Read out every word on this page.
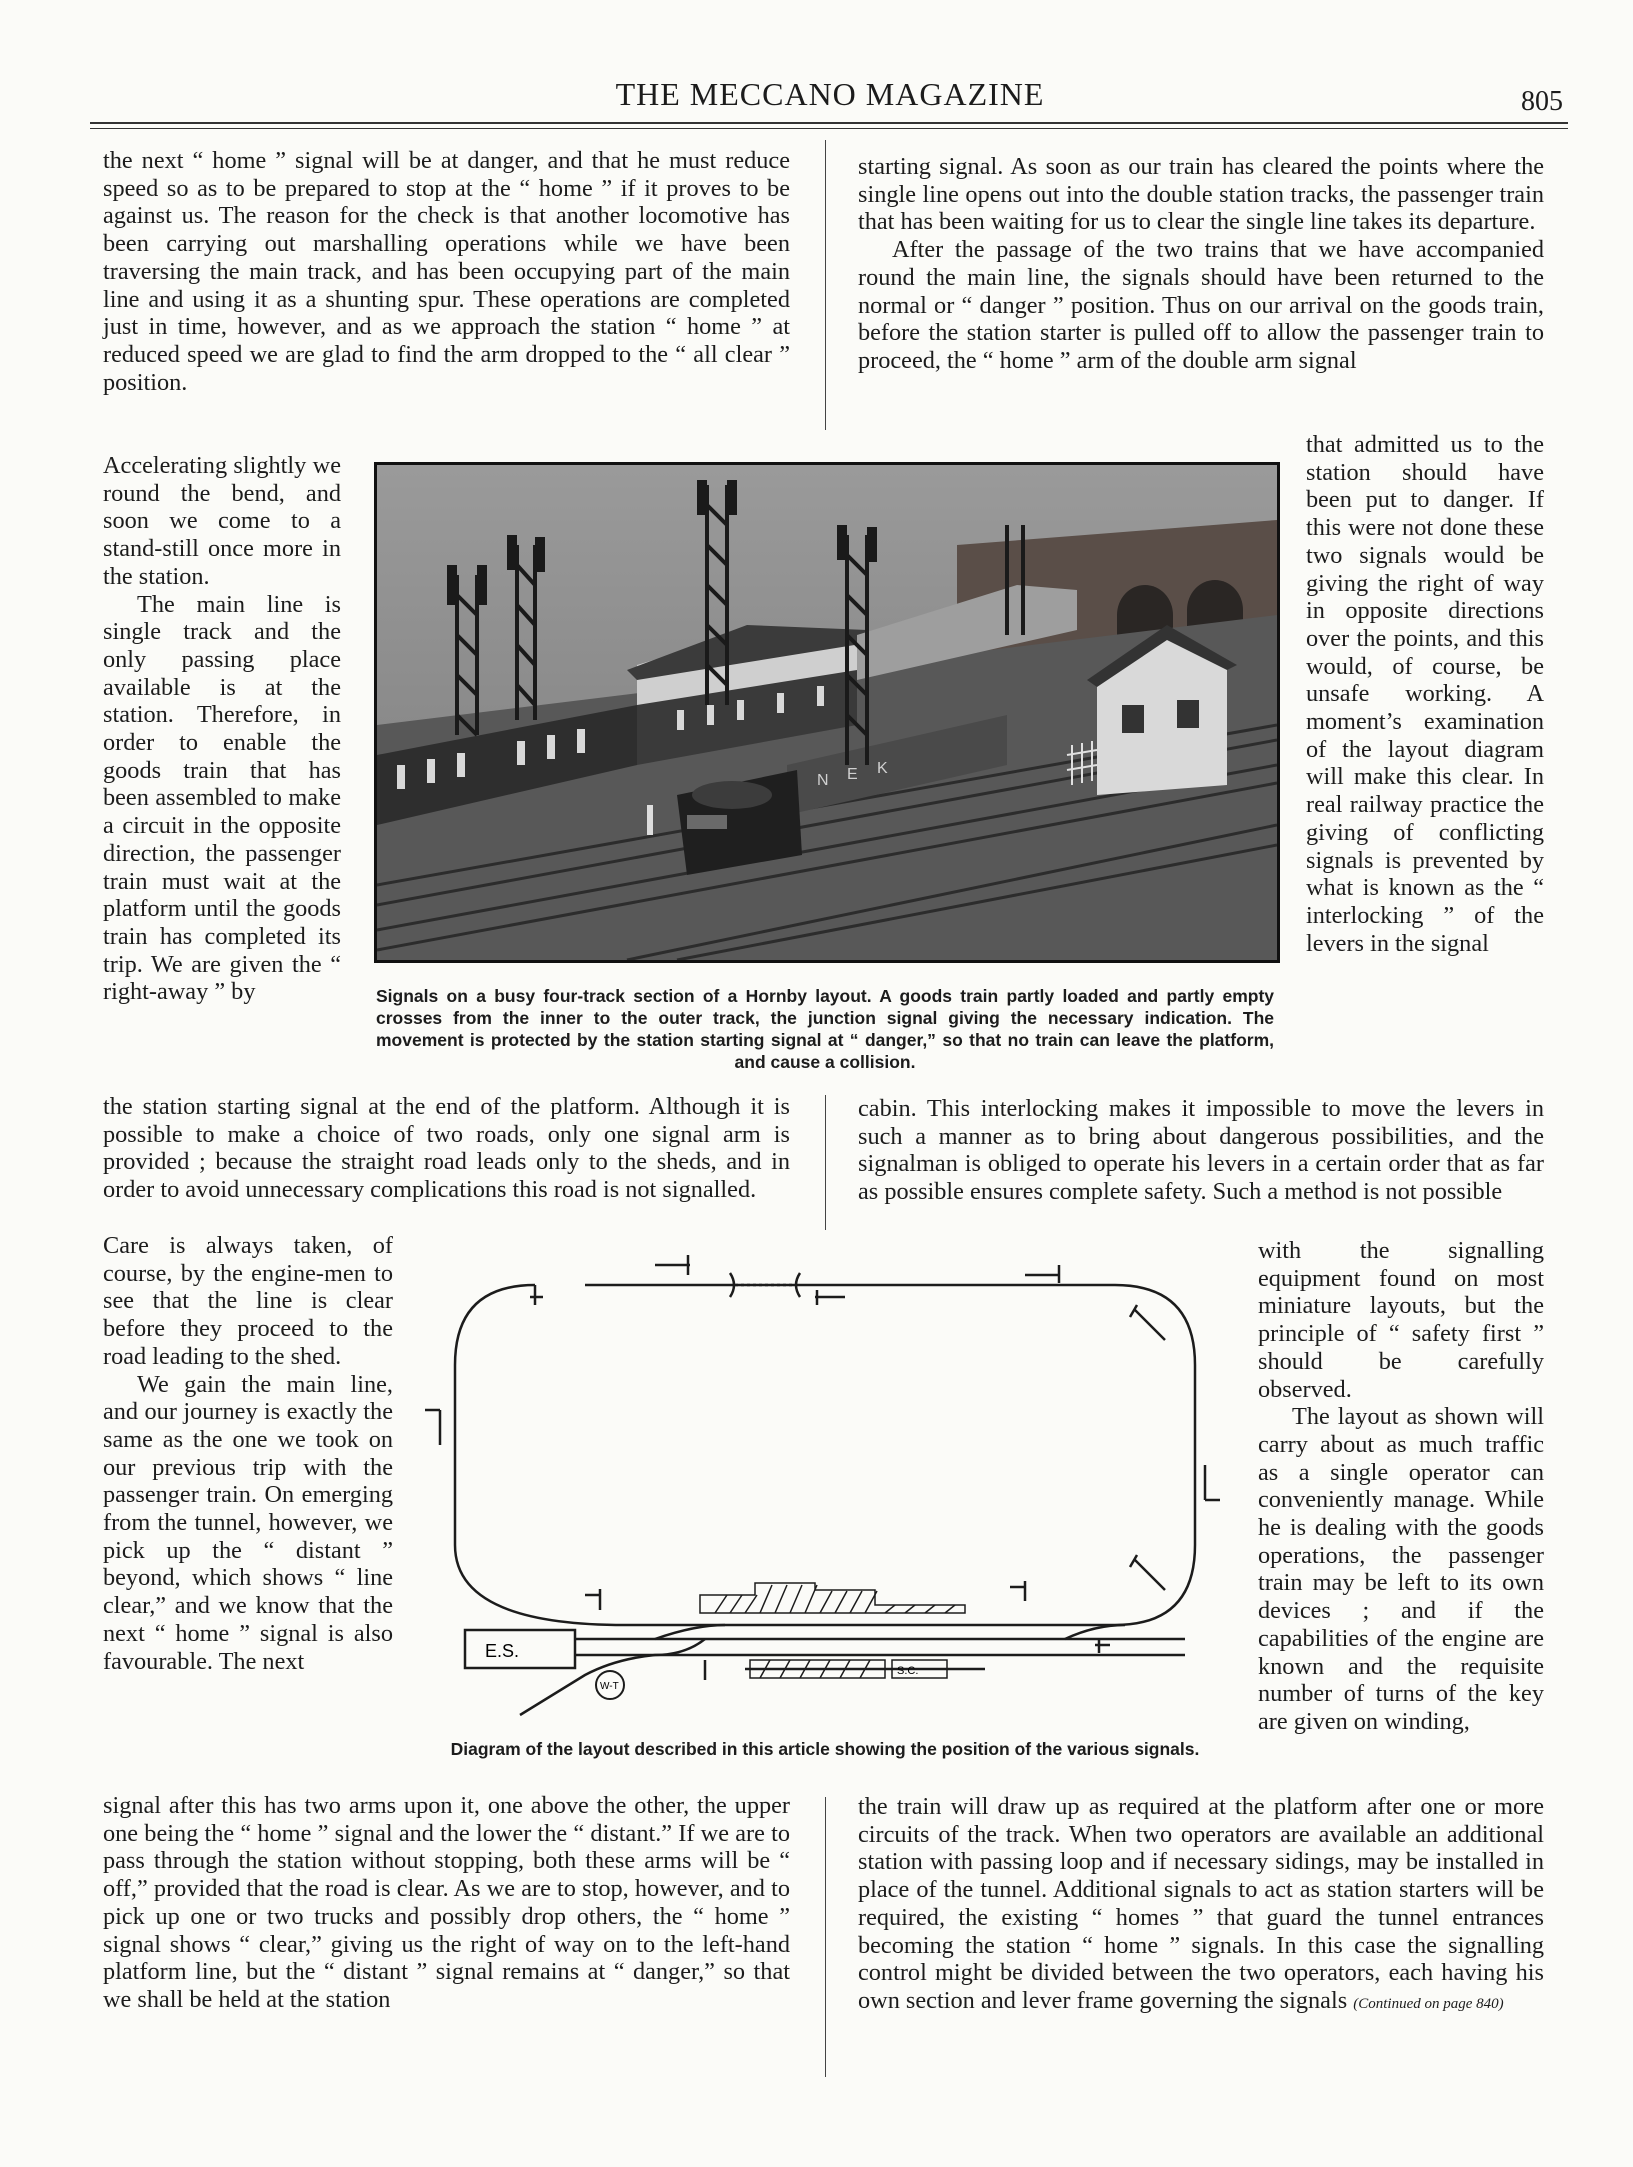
THE MECCANO MAGAZINE	805

the next “ home ” signal will be at danger, and that he must reduce speed so as to be prepared to stop at the “ home ” if it proves to be against us. The reason for the check is that another locomotive has been carrying out marshalling operations while we have been traversing the main track, and has been occupying part of the main line and using it as a shunting spur. These operations are completed just in time, however, and as we approach the station “ home ” at reduced speed we are glad to find the arm dropped to the “ all clear ” position.

starting signal. As soon as our train has cleared the points where the single line opens out into the double station tracks, the passenger train that has been waiting for us to clear the single line takes its departure.

After the passage of the two trains that we have accompanied round the main line, the signals should have been returned to the normal or “ danger ” position. Thus on our arrival on the goods train, before the station starter is pulled off to allow the passenger train to proceed, the “ home ” arm of the double arm signal

Accelerating slightly we round the bend, and soon we come to a stand-still once more in the station.

The main line is single track and the only passing place available is at the station. Therefore, in order to enable the goods train that has been assembled to make a circuit in the opposite direction, the passenger train must wait at the platform until the goods train has completed its trip. We are given the “ right-away ” by

that admitted us to the station should have been put to danger. If this were not done these two signals would be giving the right of way in opposite directions over the points, and this would, of course, be unsafe working. A moment’s examination of the layout diagram will make this clear. In real railway practice the giving of conflicting signals is prevented by what is known as the “ interlocking ” of the levers in the signal

N E K
Signals on a busy four-track section of a Hornby layout. A goods train partly loaded and partly empty crosses from the inner to the outer track, the junction signal giving the necessary indication. The movement is protected by the station starting signal at “ danger,” so that no train can leave the platform, and cause a collision.

the station starting signal at the end of the platform. Although it is possible to make a choice of two roads, only one signal arm is provided ; because the straight road leads only to the sheds, and in order to avoid unnecessary complications this road is not signalled.

cabin. This interlocking makes it impossible to move the levers in such a manner as to bring about dangerous possibilities, and the signalman is obliged to operate his levers in a certain order that as far as possible ensures complete safety. Such a method is not possible

Care is always taken, of course, by the engine-men to see that the line is clear before they proceed to the road leading to the shed.

We gain the main line, and our journey is exactly the same as the one we took on our previous trip with the passenger train. On emerging from the tunnel, however, we pick up the “ distant ” beyond, which shows “ line clear,” and we know that the next “ home ” signal is also favourable. The next

with the signalling equipment found on most miniature layouts, but the principle of “ safety first ” should be carefully observed.

The layout as shown will carry about as much traffic as a single operator can conveniently manage. While he is dealing with the goods operations, the passenger train may be left to its own devices ; and if the capabilities of the engine are known and the requisite number of turns of the key are given on winding,

S.C.
E.S.
W-T
Diagram of the layout described in this article showing the position of the various signals.

signal after this has two arms upon it, one above the other, the upper one being the “ home ” signal and the lower the “ distant.” If we are to pass through the station without stopping, both these arms will be “ off,” provided that the road is clear. As we are to stop, however, and to pick up one or two trucks and possibly drop others, the “ home ” signal shows “ clear,” giving us the right of way on to the left-hand platform line, but the “ distant ” signal remains at “ danger,” so that we shall be held at the station

the train will draw up as required at the platform after one or more circuits of the track. When two operators are available an additional station with passing loop and if necessary sidings, may be installed in place of the tunnel. Additional signals to act as station starters will be required, the existing “ homes ” that guard the tunnel entrances becoming the station “ home ” signals. In this case the signalling control might be divided between the two operators, each having his own section and lever frame governing the signals (Continued on page 840)
